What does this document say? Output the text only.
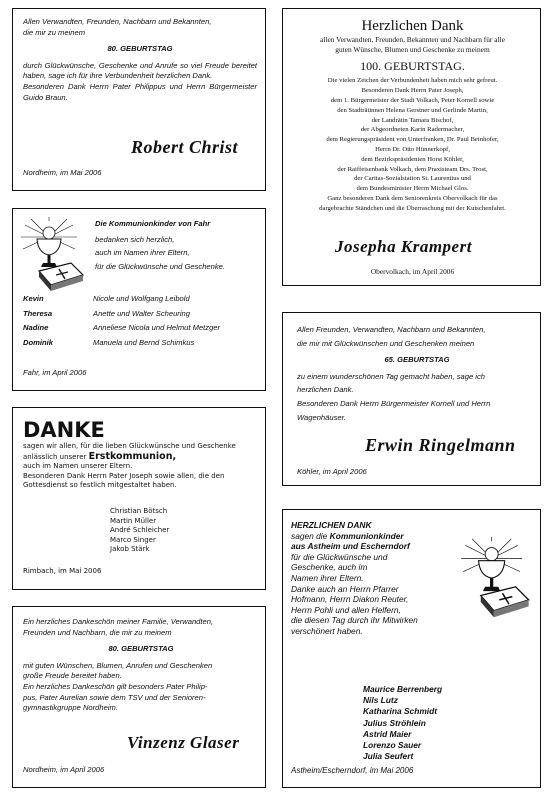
Allen Verwandten, Freunden, Nachbarn und Bekannten,
die mir zu meinem
80. GEBURTSTAG
durch Glückwünsche, Geschenke und Anrufe so viel Freude bereitet haben, sage ich für ihre Verbundenheit herzlichen Dank.
Besonderen Dank Herrn Pater Philippus und Herrn Bürgermeister Guido Braun.
Robert Christ
Nordheim, im Mai 2006
Herzlichen Dank
allen Verwandten, Freunden, Bekannten und Nachbarn für alle
guten Wünsche, Blumen und Geschenke zu meinem
100. GEBURTSTAG.
Die vielen Zeichen der Verbundenheit haben mich sehr gefreut.
Besonderen Dank Herrn Pater Joseph,
dem 1. Bürgermeister der Stadt Volkach, Peter Kornell sowie
den Stadträtinnen Helena Gerstner und Gerlinde Martin,
der Landrätin Tamara Bischof,
der Abgeordneten Karin Radermacher,
dem Regierungspräsident von Unterfranken, Dr. Paul Beinhofer,
Herrn Dr. Otto Hünnerkopf,
dem Bezirkspräsidenten Horst Köhler,
der Raiffeisenbank Volkach, dem Praxisteam Drs. Trost,
der Caritas-Sozialstation St. Laurentius und
dem Bundesminister Herrn Michael Glos.
Ganz besonderen Dank dem Seniorenkreis Obervolkach für das
dargebrachte Ständchen und die Überraschung mit der Kutschenfahrt.
Josepha Krampert
Obervolkach, im April 2006
Die Kommunionkinder von Fahr
bedanken sich herzlich,
auch im Namen ihrer Eltern,
für die Glückwünsche und Geschenke.
Kevin	Nicole und Wolfgang Leibold
Theresa	Anette und Walter Scheuring
Nadine	Anneliese Nicola und Helmut Metzger
Dominik	Manuela und Bernd Schimkus
Fahr, im April 2006
Allen Freunden, Verwandten, Nachbarn und Bekannten,
die mir mit Glückwünschen und Geschenken meinen
65. GEBURTSTAG
zu einem wunderschönen Tag gemacht haben, sage ich
herzlichen Dank.
Besonderen Dank Herrn Bürgermeister Kornell und Herrn
Wagenhäuser.
Erwin Ringelmann
Köhler, im April 2006
DANKE
sagen wir allen, für die lieben Glückwünsche und Geschenke
anlässlich unserer Erstkommunion,
auch im Namen unserer Eltern.
Besonderen Dank Herrn Pater Joseph sowie allen, die den
Gottesdienst so festlich mitgestaltet haben.
Christian Bötsch
Martin Müller
André Schleicher
Marco Singer
Jakob Stärk
Rimbach, im Mai 2006
HERZLICHEN DANK
sagen die Kommunionkinder
aus Astheim und Escherndorf
für die Glückwünsche und
Geschenke, auch im
Namen ihrer Eltern.
Danke auch an Herrn Pfarrer
Hofmann, Herrn Diakon Reuter,
Herrn Pohli und allen Helfern,
die diesen Tag durch ihr Mitwirken
verschönert haben.
Maurice Berrenberg
Nils Lutz
Katharina Schmidt
Julius Ströhlein
Astrid Maier
Lorenzo Sauer
Julia Seufert
Astheim/Escherndorf, im Mai 2006
Ein herzliches Dankeschön meiner Familie, Verwandten,
Freunden und Nachbarn, die mir zu meinem
80. GEBURTSTAG
mit guten Wünschen, Blumen, Anrufen und Geschenken
große Freude bereitet haben.
Ein herzliches Dankeschön gilt besonders Pater Philip-
pus, Pater Aurelian sowie dem TSV und der Senioren-
gymnastikgruppe Nordheim.
Vinzenz Glaser
Nordheim, im April 2006
